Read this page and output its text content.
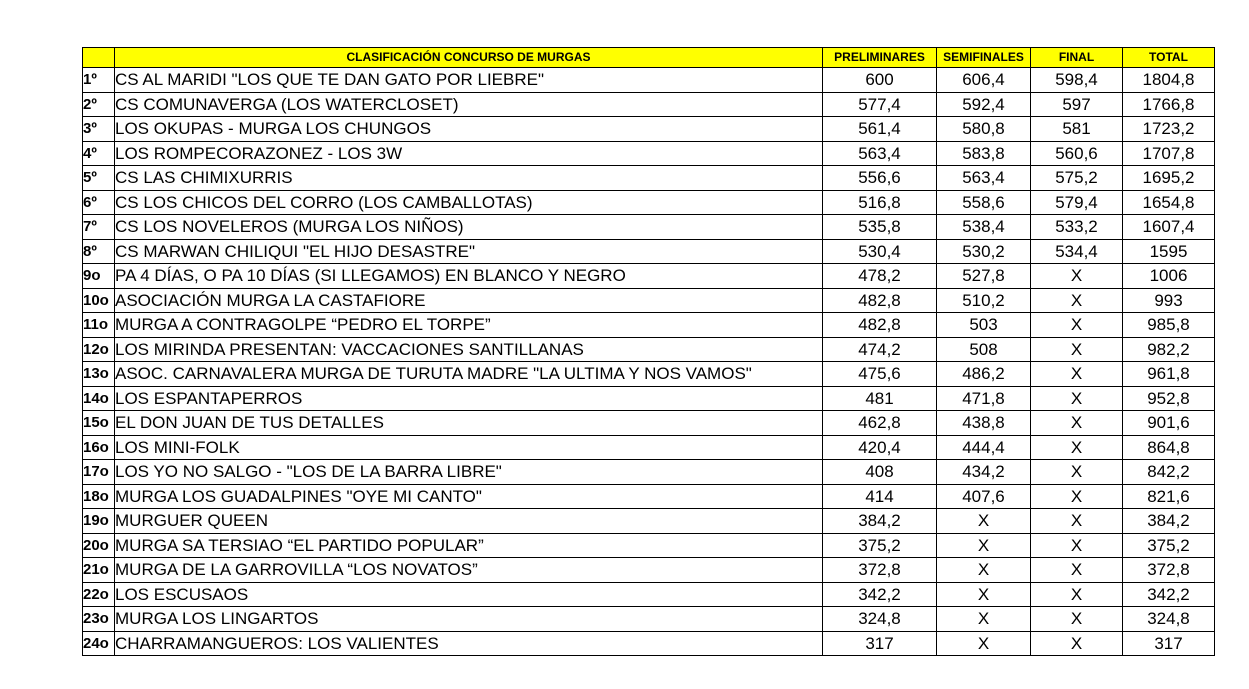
	CLASIFICACIÓN CONCURSO DE MURGAS	PRELIMINARES	SEMIFINALES	FINAL	TOTAL
1º	CS AL MARIDI "LOS QUE TE DAN GATO POR LIEBRE"	600	606,4	598,4	1804,8
2º	CS COMUNAVERGA (LOS WATERCLOSET)	577,4	592,4	597	1766,8
3º	LOS OKUPAS - MURGA LOS CHUNGOS	561,4	580,8	581	1723,2
4º	LOS ROMPECORAZONEZ - LOS 3W	563,4	583,8	560,6	1707,8
5º	CS LAS CHIMIXURRIS	556,6	563,4	575,2	1695,2
6º	CS LOS CHICOS DEL CORRO (LOS CAMBALLOTAS)	516,8	558,6	579,4	1654,8
7º	CS LOS NOVELEROS (MURGA LOS NIÑOS)	535,8	538,4	533,2	1607,4
8º	CS MARWAN CHILIQUI "EL HIJO DESASTRE"	530,4	530,2	534,4	1595
9o	PA 4 DÍAS, O PA 10 DÍAS (SI LLEGAMOS) EN BLANCO Y NEGRO	478,2	527,8	X	1006
10o	ASOCIACIÓN MURGA LA CASTAFIORE	482,8	510,2	X	993
11o	MURGA A CONTRAGOLPE “PEDRO EL TORPE”	482,8	503	X	985,8
12o	LOS MIRINDA PRESENTAN: VACCACIONES SANTILLANAS	474,2	508	X	982,2
13o	ASOC. CARNAVALERA MURGA DE TURUTA MADRE "LA ULTIMA Y NOS VAMOS"	475,6	486,2	X	961,8
14o	LOS ESPANTAPERROS	481	471,8	X	952,8
15o	EL DON JUAN DE TUS DETALLES	462,8	438,8	X	901,6
16o	LOS MINI-FOLK	420,4	444,4	X	864,8
17o	LOS YO NO SALGO - "LOS DE LA BARRA LIBRE"	408	434,2	X	842,2
18o	MURGA LOS GUADALPINES "OYE MI CANTO"	414	407,6	X	821,6
19o	MURGUER QUEEN	384,2	X	X	384,2
20o	MURGA SA TERSIAO “EL PARTIDO POPULAR”	375,2	X	X	375,2
21o	MURGA DE LA GARROVILLA “LOS NOVATOS”	372,8	X	X	372,8
22o	LOS ESCUSAOS	342,2	X	X	342,2
23o	MURGA LOS LINGARTOS	324,8	X	X	324,8
24o	CHARRAMANGUEROS: LOS VALIENTES	317	X	X	317
